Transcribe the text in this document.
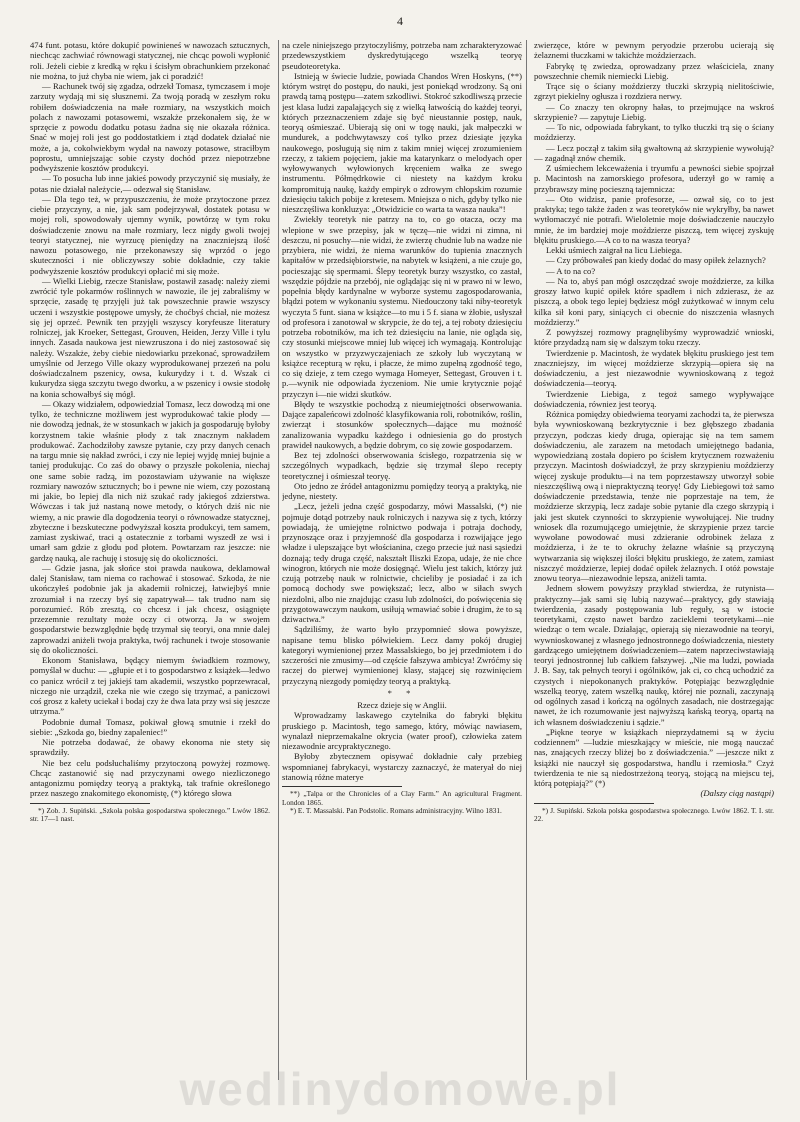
4

474 funt. potasu, które dokupić powinieneś w nawozach sztucznych, niechcąc zachwiać równowagi statycznej, nie chcąc powoli wypłonić roli. Jeżeli ciebie z kredką w ręku i ścisłym obrachunkiem przekonać nie można, to już chyba nie wiem, jak ci poradzić!

— Rachunek twój się zgadza, odrzekł Tomasz, tymczasem i moje zarzuty wydają mi się słusznemi. Za twoją poradą w zeszłym roku robiłem doświadczenia na małe rozmiary, na wszystkich moich polach z nawozami potasowemi, wszakże przekonałem się, że w sprzęcie z powodu dodatku potasu żadna się nie okazała różnica. Snać w mojej roli jest go poddostatkiem i ztąd dodatek działać nie może, a ja, cokolwiekbym wydał na nawozy potasowe, straciłbym poprostu, umniejszając sobie czysty dochód przez niepotrzebne podwyższenie kosztów produkcyi.

— To posucha lub inne jakieś powody przyczynić się musiały, że potas nie działał należycie,— odezwał się Stanisław.

— Dla tego też, w przypuszczeniu, że może przytoczone przez ciebie przyczyny, a nie, jak sam podejrzywał, dostatek potasu w mojej roli, spowodowały ujemny wynik, powtórzę w tym roku doświadczenie znowu na małe rozmiary, lecz nigdy gwoli twojej teoryi statycznej, nie wyrzucę pieniędzy na znaczniejszą ilość nawozu potasowego, nie przekonawszy się wprzód o jego skuteczności i nie obliczywszy sobie dokładnie, czy takie podwyższenie kosztów produkcyi opłacić mi się może.

— Wielki Liebig, rzecze Stanisław, postawił zasadę: należy ziemi zwrócić tyle pokarmów roślinnych w nawozie, ile jej zabraliśmy w sprzęcie, zasadę tę przyjęli już tak powszechnie prawie wszyscy uczeni i wszystkie postępowe umysły, że choćbyś chciał, nie możesz się jej oprzeć. Pewnik ten przyjęli wszyscy koryfeusze literatury rolniczej, jak Kroeker, Settegast, Grouven, Heiden, Jerzy Ville i tylu innych. Zasada naukowa jest niewzruszona i do niej zastosować się należy. Wszakże, żeby ciebie niedowiarku przekonać, sprowadziłem umyślnie od Jerzego Ville okazy wyprodukowanej przezeń na polu doświadczalnem pszenicy, owsa, kukurydzy i t. d. Wszak ci kukurydza sięga szczytu twego dworku, a w pszenicy i owsie stodołę na konia schowałbyś się mógł.

— Okazy widziałem, odpowiedział Tomasz, lecz dowodzą mi one tylko, że techniczne możliwem jest wyprodukować takie płody — nie dowodzą jednak, że w stosunkach w jakich ja gospodaruję byłoby korzystnem takie właśnie płody z tak znacznym nakładem produkować. Zachodziłoby zawsze pytanie, czy przy danych cenach na targu mnie się nakład zwróci, i czy nie lepiej wyjdę mniej bujnie a taniej produkując. Co zaś do obawy o przyszłe pokolenia, niechaj one same sobie radzą, im pozostawiam używanie na większe rozmiary nawozów sztucznych; bo i pewne nie wiem, czy pozostaną mi jakie, bo lepiej dla nich niż szukać rady jakiegoś zdzierstwa. Wówczas i tak już nastaną nowe metody, o których dziś nic nie wiemy, a nic prawie dla dogodzenia teoryi o równowadze statycznej, zbyteczne i bezskuteczne podwyższał koszta produkcyi, tem samem, zamiast zyskiwać, traci ą ostatecznie z torbami wyszedł ze wsi i umarł sam gdzie z głodu pod płotem. Powtarzam raz jeszcze: nie gardzę nauką, ale rachuję i stosuję się do okoliczności.

— Gdzie jasna, jak słońce stoi prawda naukowa, deklamował dalej Stanisław, tam niema co rachować i stosować. Szkoda, że nie ukończyłeś podobnie jak ja akademii rolniczej, łatwiejbyś mnie zrozumiał i na rzeczy byś się zapatrywał— tak trudno nam się porozumieć. Rób zresztą, co chcesz i jak chcesz, osiągnięte przezemnie rezultaty może oczy ci otworzą. Ja w swojem gospodarstwie bezwzględnie będę trzymał się teoryi, ona mnie dalej zaprowadzi aniżeli twoja praktyka, twój rachunek i twoje stosowanie się do okoliczności.

Ekonom Stanisława, będący niemym świadkiem rozmowy, pomyślał w duchu: — „głupie et i to gospodarstwo z książek—ledwo co panicz wrócił z tej jakiejś tam akademii, wszystko poprzewracał, niczego nie urządził, czeka nie wie czego się trzymać, a paniczowi coś grosz z kałety uciekał i bodaj czy że dwa lata przy wsi się jeszcze utrzyma.”

Podobnie dumał Tomasz, pokiwał głową smutnie i rzekł do siebie: „Szkoda go, biedny zapaleniec!”

Nie potrzeba dodawać, że obawy ekonoma nie stety się sprawdziły.

Nie bez celu podsłuchaliśmy przytoczoną powyżej rozmowę. Chcąc zastanowić się nad przyczynami owego niezliczonego antagonizmu pomiędzy teoryą a praktyką, tak trafnie określonego przez naszego znakomitego ekonomistę, (*) którego słowa

*) Zob. J. Supiński. „Szkoła polska gospodarstwa społecznego.” Lwów 1862. str. 17—1 nast.

na czele niniejszego przytoczyliśmy, potrzeba nam zcharakteryzować przedewszystkiem dyskredytującego wszelką teoryę pseudoteoretyka.

Istnieją w świecie ludzie, powiada Chandos Wren Hoskyns, (**) którym wstręt do postępu, do nauki, jest poniekąd wrodzony. Są oni prawdą tamą postępu—zatem szkodliwi. Stokroć szkodliwszą przecie jest klasa ludzi zapalających się z wielką łatwością do każdej teoryi, których przeznaczeniem zdaje się być nieustannie postęp, nauk, teoryą ośmieszać. Ubierają się oni w togę nauki, jak małpeczki w mundurek, a podchwytawszy coś tylko przez dziesiąte języka naukowego, posługują się nim z takim mniej więcej zrozumieniem rzeczy, z takiem pojęciem, jakie ma katarynkarz o melodyach oper wyłowywanych wyłowionych kręceniem wałka ze swego instrumentu. Półmędrkowie ci niestety na każdym kroku kompromitują naukę, każdy empiryk o zdrowym chłopskim rozumie dziesięciu takich pobije z kretesem. Mniejsza o nich, gdyby tylko nie nieszczęśliwa konkluzya: „Otwidzicie co warta ta wasza nauka”!

Zwiekły teoretyk nie patrzy na to, co go otacza, oczy ma wlepione w swe przepisy, jak w tęczę—nie widzi ni zimna, ni deszczu, ni posuchy—nie widzi, że zwierzę chudnie lub na wadze nie przybiera, nie widzi, że niema warunków do tupienia znacznych kapitałów w przedsiębiorstwie, na nabytek w książeni, a nie czuje go, pocieszając się spermami. Ślepy teoretyk burzy wszystko, co zastał, wszędzie pójdzie na przebój, nie oglądając się ni w prawo ni w lewo, popełnia błędy kardynalne w wyborze systemu zagospodarowania, błądzi potem w wykonaniu systemu. Niedouczony taki niby-teoretyk wyczyta 5 funt. siana w książce—to mu i 5 f. siana w żłobie, usłyszał od profesora i zanotował w skrypcie, że do tej, a tej roboty dziesięciu potrzeba robotników, ma ich też dziesięciu na lanie, nie ogląda się, czy stosunki miejscowe mniej lub więcej ich wymagają. Kontrolując on wszystko w przyzwyczajeniach ze szkoły lub wyczytaną w książce recepturą w ręku, i płacze, że mimo zupełną zgodność tego, co się dzieje, z tem czego wymaga Homeyer, Settegast, Grouven i t. p.—wynik nie odpowiada życzeniom. Nie umie krytycznie pojąć przyczyn i—nie widzi skutków.

Błędy te wszystkie pochodzą z nieumiejętności obserwowania. Dające zapaleńcowi zdolność klasyfikowania roli, robotników, roślin, zwierząt i stosunków społecznych—dające mu możność zanalizowania wypadku każdego i odniesienia go do prostych prawideł naukowych, a będzie dobrym, co się zowie gospodarzem.

Bez tej zdolności obserwowania ścisłego, rozpatrzenia się w szczególnych wypadkach, będzie się trzymał ślepo recepty teoretycznej i ośmieszał teoryę.

Oto jedno ze źródeł antagonizmu pomiędzy teoryą a praktyką, nie jedyne, niestety.

„Lecz, jeżeli jedna część gospodarzy, mówi Massalski, (*) nie pojmuje dotąd potrzeby nauk rolniczych i nazywa się z tych, którzy powiadają, że umiejętne rolnictwo podwaja i potraja dochody, przynoszące oraz i przyjemność dla gospodarza i rozwijające jego władze i ulepszające byt włościanina, czego przecie już nasi sąsiedzi doznają; tedy druga część, nakształt Iliszki Ezopa, udaje, że nie chce winogron, których nie może dosięgnąć. Wielu jest takich, którzy już czują potrzebę nauk w rolnictwie, chcieliby je posiadać i za ich pomocą dochody swe powiększać; lecz, albo w siłach swych niezdolni, albo nie znajdując czasu lub zdolności, do poświęcenia się przygotowawczym naukom, usiłują wmawiać sobie i drugim, że to są dziwactwa.”

Sądziliśmy, że warto było przypomnieć słowa powyższe, napisane temu blisko półwiekiem. Lecz damy pokój drugiej kategoryi wymienionej przez Massalskiego, bo jej przedmiotem i do szczerości nie zmusimy—od częście fałszywa ambicya! Zwróćmy się raczej do pierwej wymienionej klasy, stającej się rozwinięciem przyczyną niezgody pomiędzy teoryą a praktyką.

* *

Rzecz dzieje się w Anglii.

Wprowadzamy laskawego czytelnika do fabryki błękitu pruskiego p. Macintosh, tego samego, który, mówiąc nawiasem, wynalazł nieprzemakalne okrycia (water proof), człowieka zatem niezawodnie arcypraktycznego.

Byłoby zbytecznem opisywać dokładnie cały przebieg wspomnianej fabrykacyi, wystarczy zaznaczyć, że materyał do niej stanowią różne materye

**) „Talpa or the Chronicles of a Clay Farm.” An agricultural Fragment. London 1865.

*) E. T. Massalski. Pan Podstolic. Romans administracyjny. Wilno 1831.

zwierzęce, które w pewnym peryodzie przerobu ucierają się żelaznemi tłuczkami w takichże moździerzach.

Fabrykę tę zwiedza, oprowadzany przez właściciela, znany powszechnie chemik niemiecki Liebig.

Trące się o ściany moździerzy tłuczki skrzypią nielitościwie, zgrzyt piekielny ogłusza i rozdziera nerwy.

— Co znaczy ten okropny hałas, to przejmujące na wskroś skrzypienie? — zapytuje Liebig.

— To nic, odpowiada fabrykant, to tylko tłuczki trą się o ściany moździerzy.

— Lecz począł z takim siłą gwałtowną aż skrzypienie wywołują? — zagadnął znów chemik.

Z uśmiechem lekceważenia i tryumfu a pewności siebie spojrzał p. Macintosh na zamorskiego profesora, uderzył go w ramię a przybrawszy minę pocieszną tajemnicza:

— Oto widzisz, panie profesorze, — ozwał się, co to jest praktyka; tego także żaden z was teoretyków nie wykryłby, ba nawet wytłomaczyć nie potrafi. Wieloletnie moje doświadczenie nauczyło mnie, że im bardziej moje moździerze piszczą, tem więcej zyskuję błękitu pruskiego.—A co to na wasza teorya?

Lekki uśmiech zaigrał na licu Liebiega.

— Czy próbowałeś pan kiedy dodać do masy opiłek żelaznych?

— A to na co?

— Na to, abyś pan mógł oszczędzać swoje moździerze, za kilka groszy łatwo kupić opiłek które spadłem i nich zdzierasz, że az piszczą, a obok tego lepiej będziesz mógł zużytkować w innym celu kilka sił koni pary, siniących ci obecnie do niszczenia własnych moździerzy.”

Z powyższej rozmowy pragnęlibyśmy wyprowadzić wnioski, które przydadzą nam się w dalszym toku rzeczy.

Twierdzenie p. Macintosh, że wydatek błękitu pruskiego jest tem znaczniejszy, im więcej moździerze skrzypią—opiera się na doświadczeniu, a jest niezawodnie wywnioskowaną z tegoż doświadczenia—teoryą.

Twierdzenie Liebiga, z tegoż samego wypływające doświadczenia, równiez jest teoryą.

Różnica pomiędzy obiedwiema teoryami zachodzi ta, że pierwsza była wywnioskowaną bezkrytycznie i bez głębszego zbadania przyczyn, podczas kiedy druga, opierając się na tem samem doświadczeniu, ale zarazem na metodach umiejętnego badania, wypowiedzianą została dopiero po ścisłem krytycznem rozważeniu przyczyn. Macintosh doświadczył, że przy skrzypieniu moździerzy więcej zyskuje produktu—i na tem poprzestawszy utworzył sobie nieszczęśliwą ową i niepraktyczną teoryę! Gdy Liebiegowi toż samo doświadczenie przedstawia, tenże nie poprzestaje na tem, że moździerze skrzypią, lecz zadaje sobie pytanie dla czego skrzypią i jaki jest skutek czynności to skrzypienie wywołującej. Nie trudny wniosek dla rozumującego umiejętnie, że skrzypienie przez tarcie wywołane powodować musi zdzieranie odrobinek żelaza z moździerza, i że te to okruchy żelazne właśnie są przyczyną wytwarzania się większej ilości błękitu pruskiego, że zatem, zamiast niszczyć moździerze, lepiej dodać opiłek żelaznych. I otóż powstaje znowu teorya—niezawodnie lepsza, aniżeli tamta.

Jednem słowem powyższy przykład stwierdza, że rutynista—praktyczny—jak sami się lubią nazywać—praktycy, gdy stawiają twierdzenia, zasady postępowania lub reguły, są w istocie teoretykami, często nawet bardzo zacieklemi teoretykami—nie wiedząc o tem wcale. Działając, opierają się niezawodnie na teoryi, wywnioskowanej z własnego jednostronnego doświadczenia, niestety gardzącego umiejętnem doświadczeniem—zatem naprzeciwstawiają teoryi jednostronnej lub całkiem fałszywej. „Nie ma ludzi, powiada J. B. Say, tak pełnych teoryi i ogólników, jak ci, co chcą uchodzić za czystych i niepokonanych praktyków. Potępiając bezwzględnie wszelką teoryę, zatem wszelką naukę, której nie poznali, zaczynają od ogólnych zasad i kończą na ogólnych zasadach, nie dostrzegając nawet, że ich rozumowanie jest najwyższą kańską teoryą, opartą na ich własnem doświadczeniu i sądzie.”

„Piękne teorye w książkach nieprzydatnemi są w życiu codziennem” —ludzie mieszkający w mieście, nie mogą nauczać nas, znających rzeczy bliżej bo z doświadczenia.” —jeszcze nikt z książki nie nauczył się gospodarstwa, handlu i rzemiosła.” Czyż twierdzenia te nie są niedostrzeżoną teoryą, stojącą na miejscu tej, którą potępiają?” (*)

(Dalszy ciąg nastąpi)

*) J. Supiński. Szkoła polska gospodarstwa społecznego. Lwów 1862. T. I. str. 22.

wedlinydomowe.pl
